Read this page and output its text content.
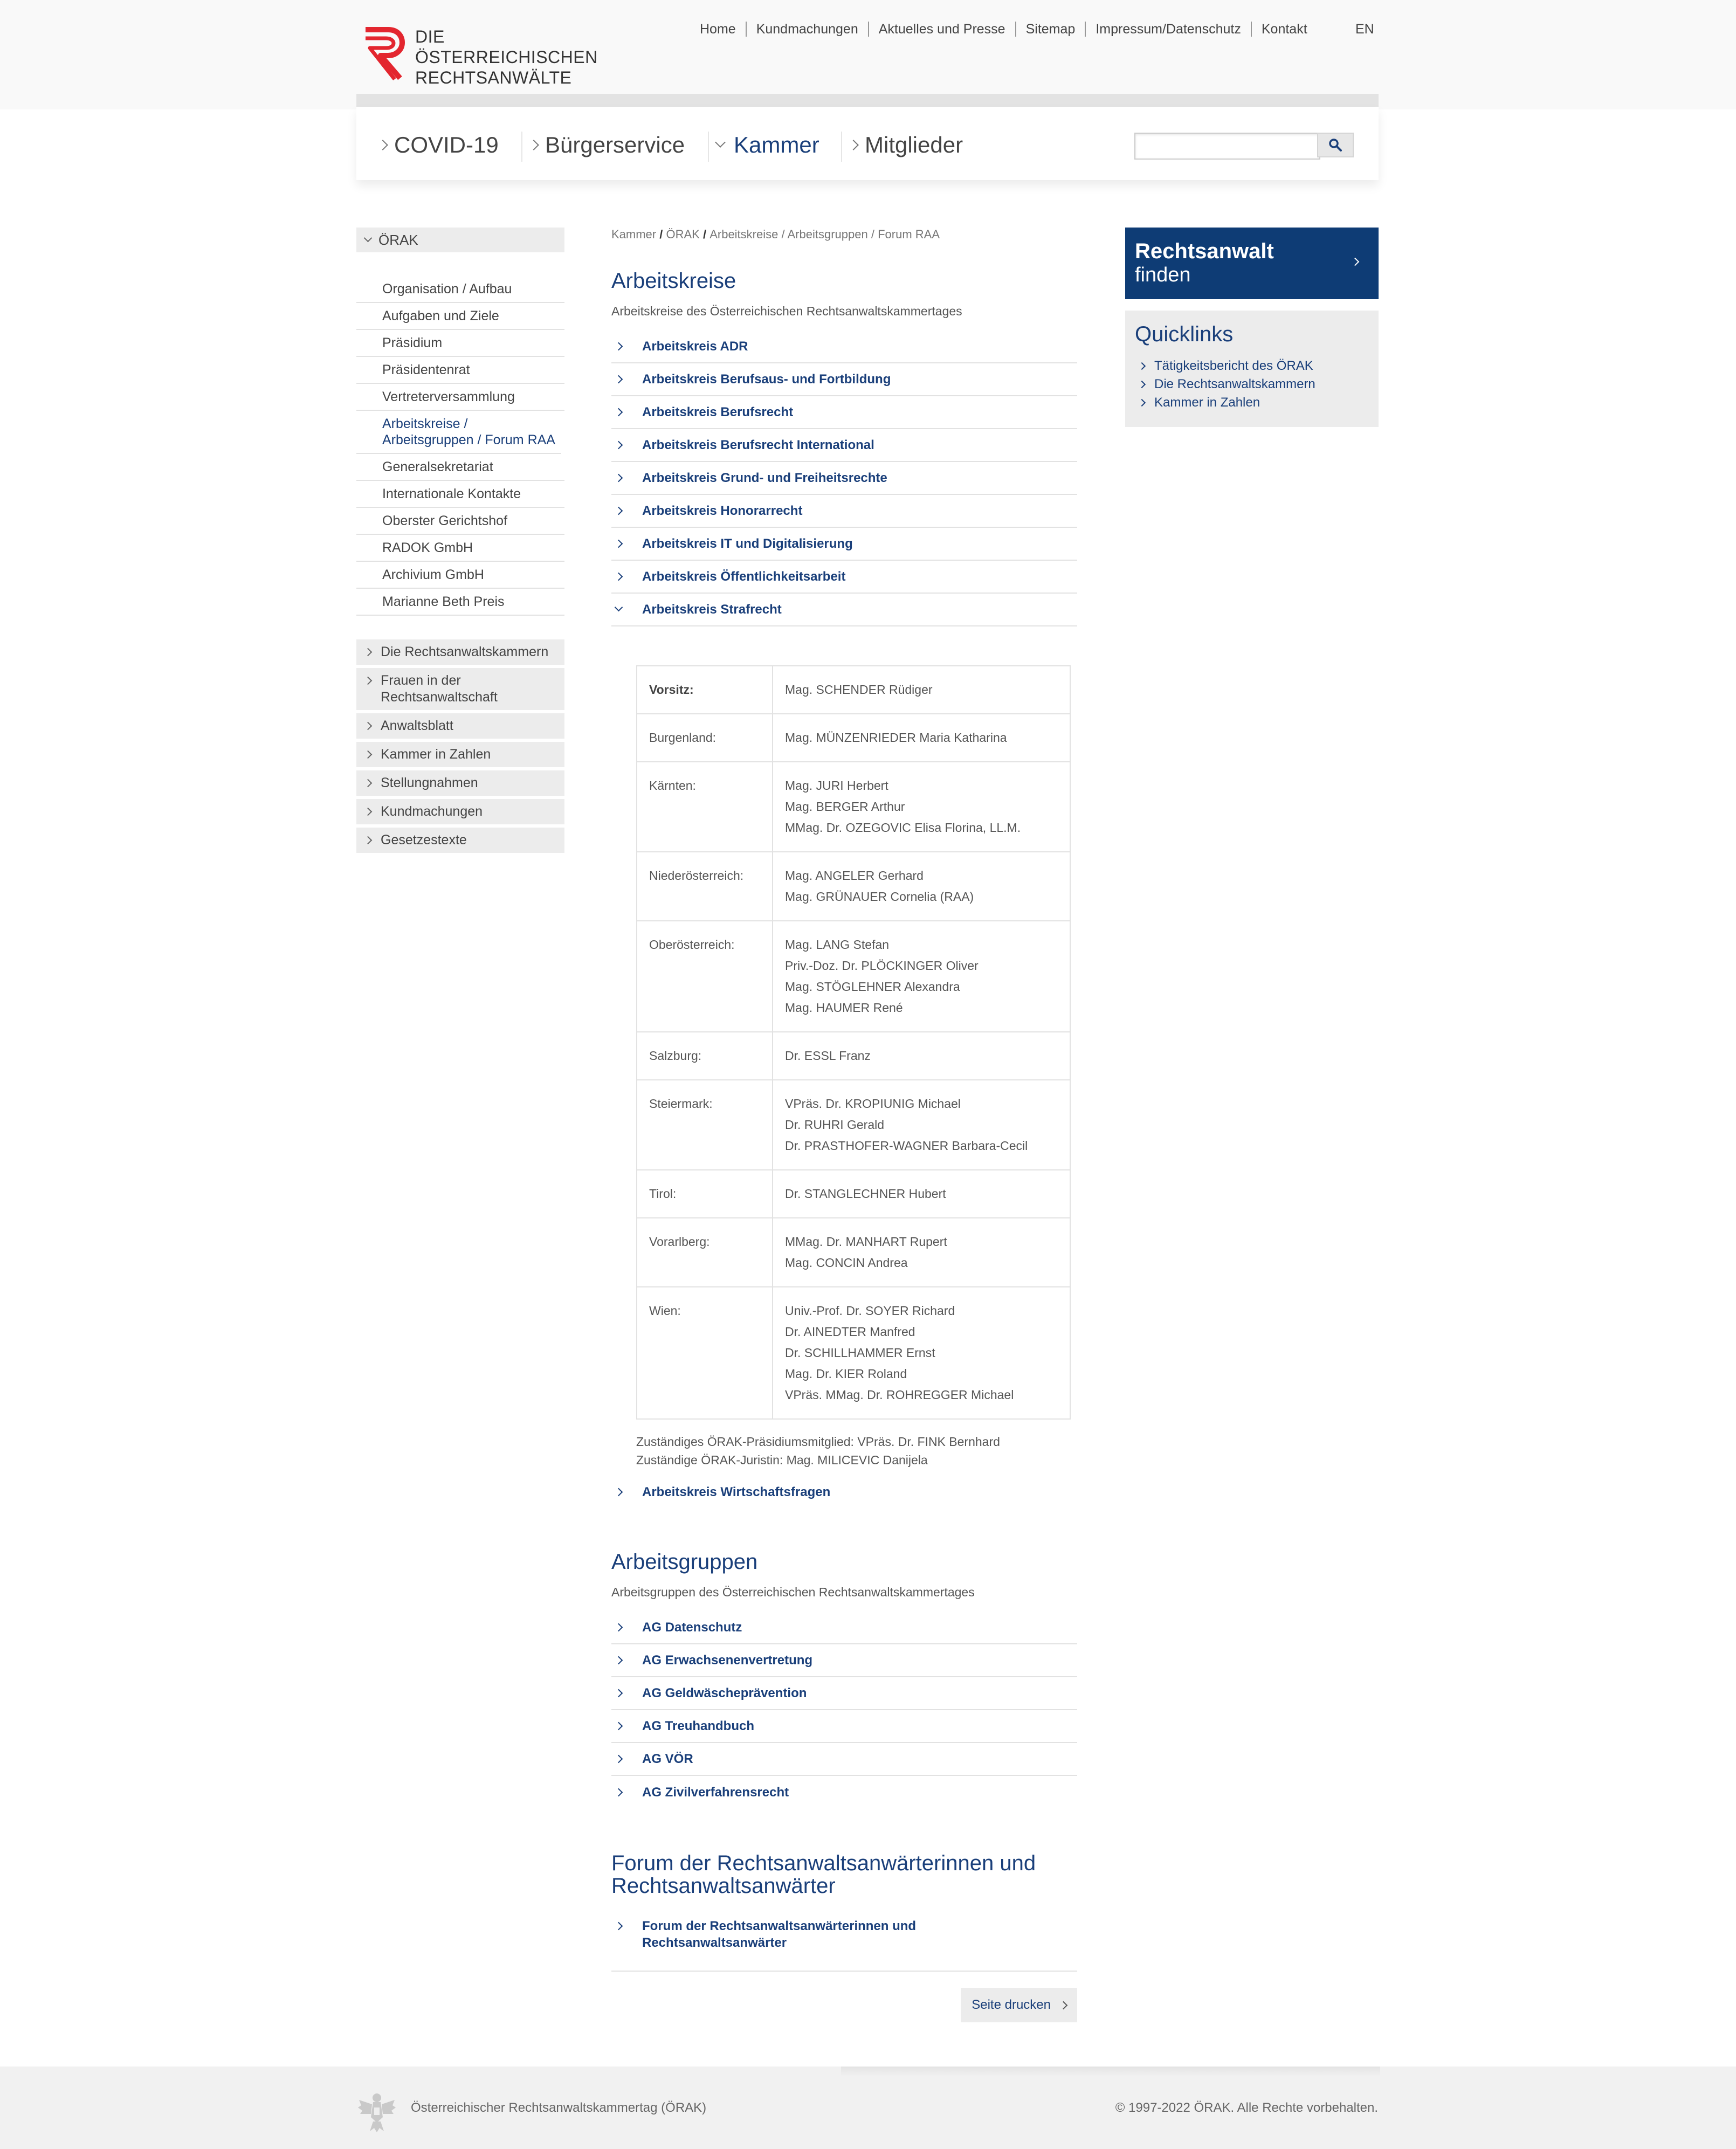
DIE ÖSTERREICHISCHEN
RECHTSANWÄLTE
Home	Kundmachungen	Aktuelles und Presse	Sitemap	Impressum/Datenschutz	Kontakt	EN
COVID-19 Bürgerservice Kammer Mitglieder
ÖRAK
Organisation / Aufbau
Aufgaben und Ziele
Präsidium
Präsidentenrat
Vertreterversammlung
Arbeitskreise / Arbeitsgruppen / Forum RAA
Generalsekretariat
Internationale Kontakte
Oberster Gerichtshof
RADOK GmbH
Archivium GmbH
Marianne Beth Preis
Die Rechtsanwaltskammern
Frauen in der Rechtsanwaltschaft
Anwaltsblatt
Kammer in Zahlen
Stellungnahmen
Kundmachungen
Gesetzestexte
Kammer / ÖRAK / Arbeitskreise / Arbeitsgruppen / Forum RAA
Arbeitskreise
Arbeitskreise des Österreichischen Rechtsanwaltskammertages
Arbeitskreis ADR
Arbeitskreis Berufsaus- und Fortbildung
Arbeitskreis Berufsrecht
Arbeitskreis Berufsrecht International
Arbeitskreis Grund- und Freiheitsrechte
Arbeitskreis Honorarrecht
Arbeitskreis IT und Digitalisierung
Arbeitskreis Öffentlichkeitsarbeit
Arbeitskreis Strafrecht
Vorsitz:	Mag. SCHENDER Rüdiger
Burgenland:	Mag. MÜNZENRIEDER Maria Katharina
Kärnten:	Mag. JURI Herbert
Mag. BERGER Arthur
MMag. Dr. OZEGOVIC Elisa Florina, LL.M.
Niederösterreich:	Mag. ANGELER Gerhard
Mag. GRÜNAUER Cornelia (RAA)
Oberösterreich:	Mag. LANG Stefan
Priv.-Doz. Dr. PLÖCKINGER Oliver
Mag. STÖGLEHNER Alexandra
Mag. HAUMER René
Salzburg:	Dr. ESSL Franz
Steiermark:	VPräs. Dr. KROPIUNIG Michael
Dr. RUHRI Gerald
Dr. PRASTHOFER-WAGNER Barbara-Cecil
Tirol:	Dr. STANGLECHNER Hubert
Vorarlberg:	MMag. Dr. MANHART Rupert
Mag. CONCIN Andrea
Wien:	Univ.-Prof. Dr. SOYER Richard
Dr. AINEDTER Manfred
Dr. SCHILLHAMMER Ernst
Mag. Dr. KIER Roland
VPräs. MMag. Dr. ROHREGGER Michael
Zuständiges ÖRAK-Präsidiumsmitglied: VPräs. Dr. FINK Bernhard
Zuständige ÖRAK-Juristin: Mag. MILICEVIC Danijela
Arbeitskreis Wirtschaftsfragen
Arbeitsgruppen
Arbeitsgruppen des Österreichischen Rechtsanwaltskammertages
AG Datenschutz
AG Erwachsenenvertretung
AG Geldwäscheprävention
AG Treuhandbuch
AG VÖR
AG Zivilverfahrensrecht
Forum der Rechtsanwaltsanwärterinnen und Rechtsanwaltsanwärter
Forum der Rechtsanwaltsanwärterinnen und Rechtsanwaltsanwärter
Seite drucken
Rechtsanwalt
finden
Quicklinks
Tätigkeitsbericht des ÖRAK
Die Rechtsanwaltskammern
Kammer in Zahlen
Österreichischer Rechtsanwaltskammertag (ÖRAK)	© 1997-2022 ÖRAK. Alle Rechte vorbehalten.
